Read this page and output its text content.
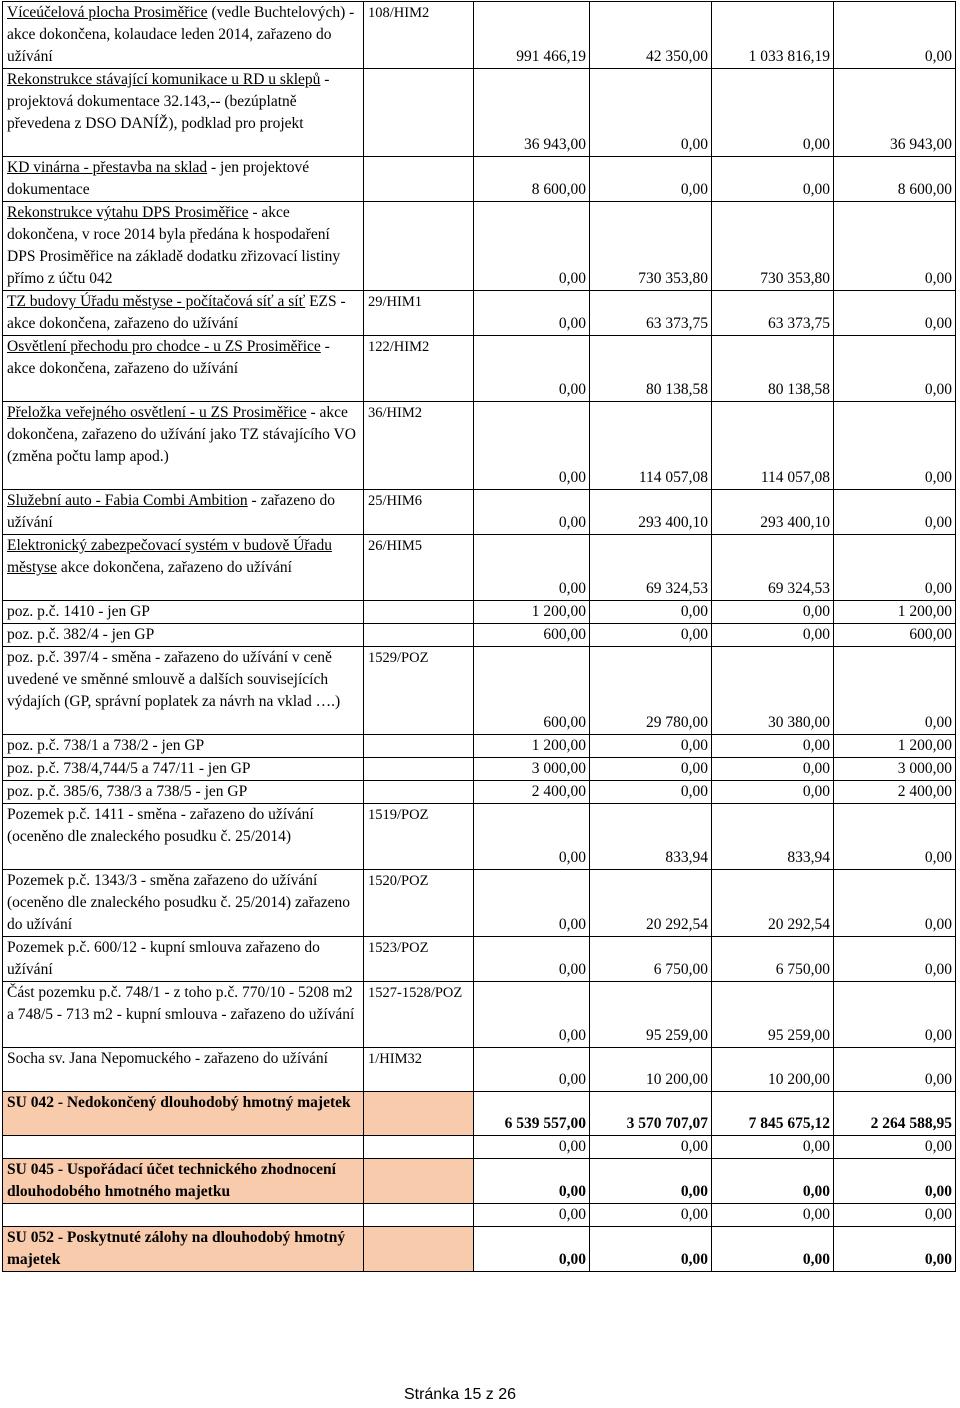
Víceúčelová plocha Prosiměřice (vedle Buchtelových) - akce dokončena, kolaudace leden 2014, zařazeno do užívání	108/HIM2	991 466,19	42 350,00	1 033 816,19	0,00
Rekonstrukce stávající komunikace u RD u sklepů - projektová dokumentace 32.143,-- (bezúplatně převedena z DSO DANÍŽ), podklad pro projekt		36 943,00	0,00	0,00	36 943,00
KD vinárna - přestavba na sklad - jen projektové dokumentace		8 600,00	0,00	0,00	8 600,00
Rekonstrukce výtahu DPS Prosiměřice - akce dokončena, v roce 2014 byla předána k hospodaření DPS Prosiměřice na základě dodatku zřizovací listiny přímo z účtu 042		0,00	730 353,80	730 353,80	0,00
TZ budovy Úřadu městyse - počítačová síť a síť EZS - akce dokončena, zařazeno do užívání	29/HIM1	0,00	63 373,75	63 373,75	0,00
Osvětlení přechodu pro chodce - u ZS Prosiměřice - akce dokončena, zařazeno do užívání	122/HIM2	0,00	80 138,58	80 138,58	0,00
Přeložka veřejného osvětlení - u ZS Prosiměřice - akce dokončena, zařazeno do užívání jako TZ stávajícího VO (změna počtu lamp apod.)	36/HIM2	0,00	114 057,08	114 057,08	0,00
Služební auto - Fabia Combi Ambition - zařazeno do užívání	25/HIM6	0,00	293 400,10	293 400,10	0,00
Elektronický zabezpečovací systém v budově Úřadu městyse akce dokončena, zařazeno do užívání	26/HIM5	0,00	69 324,53	69 324,53	0,00
poz. p.č. 1410 - jen GP		1 200,00	0,00	0,00	1 200,00
poz. p.č. 382/4 - jen GP		600,00	0,00	0,00	600,00
poz. p.č. 397/4 - směna - zařazeno do užívání v ceně uvedené ve směnné smlouvě a dalších souvisejících výdajích (GP, správní poplatek za návrh na vklad ….)	1529/POZ	600,00	29 780,00	30 380,00	0,00
poz. p.č. 738/1 a 738/2 - jen GP		1 200,00	0,00	0,00	1 200,00
poz. p.č. 738/4,744/5 a 747/11 - jen GP		3 000,00	0,00	0,00	3 000,00
poz. p.č. 385/6, 738/3 a 738/5 - jen GP		2 400,00	0,00	0,00	2 400,00
Pozemek p.č. 1411 - směna - zařazeno do užívání (oceněno dle znaleckého posudku č. 25/2014)	1519/POZ	0,00	833,94	833,94	0,00
Pozemek p.č. 1343/3 - směna zařazeno do užívání (oceněno dle znaleckého posudku č. 25/2014) zařazeno do užívání	1520/POZ	0,00	20 292,54	20 292,54	0,00
Pozemek p.č. 600/12 - kupní smlouva zařazeno do užívání	1523/POZ	0,00	6 750,00	6 750,00	0,00
Část pozemku p.č. 748/1 - z toho p.č. 770/10 - 5208 m2 a 748/5 - 713 m2 - kupní smlouva - zařazeno do užívání	1527-1528/POZ	0,00	95 259,00	95 259,00	0,00
Socha sv. Jana Nepomuckého - zařazeno do užívání	1/HIM32	0,00	10 200,00	10 200,00	0,00
SU 042 - Nedokončený dlouhodobý hmotný majetek		6 539 557,00	3 570 707,07	7 845 675,12	2 264 588,95
		0,00	0,00	0,00	0,00
SU 045 - Uspořádací účet technického zhodnocení dlouhodobého hmotného majetku		0,00	0,00	0,00	0,00
		0,00	0,00	0,00	0,00
SU 052 - Poskytnuté zálohy na dlouhodobý hmotný majetek		0,00	0,00	0,00	0,00
Stránka 15 z 26
